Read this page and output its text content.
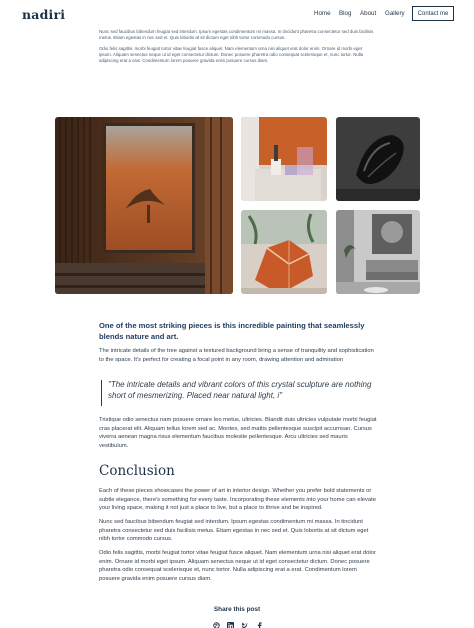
nadiri	Home Blog About Gallery	Contact me
Nunc sed faucibus bibendum feugiat sed interdum. Ipsum egestas condimentum mi massa. In tincidunt pharetra consectetur sed duis facilisis metus. Etiam egestas in nec sed et. Quis lobortis at sit dictum eget nibh tortor commodo cursus.
Odio felis sagittis, morbi feugiat tortor vitae feugiat fusce aliquet. Nam elementum urna nisi aliquet erat dolor enim. Ornare id morbi eget ipsum. Aliquam senectus neque ut id eget consectetur dictum. Donec posuere pharetra odio consequat scelerisque et, nunc tortor. Nulla adipiscing erat a erat. Condimentum lorem posuere gravida enim posuere cursus diam.
One of the most striking pieces is this incredible painting that seamlessly blends nature and art.
The intricate details of the tree against a textured background bring a sense of tranquility and sophistication to the space. It's perfect for creating a focal point in any room, drawing attention and admiration
"The intricate details and vibrant colors of this crystal sculpture are nothing short of mesmerizing. Placed near natural light, i"
Tristique odio senectus nam posuere ornare leo metus, ultricies. Blandit duis ultricies vulputate morbi feugiat cras placerat elit. Aliquam tellus lorem sed ac. Montes, sed mattis pellentesque suscipit accumsan. Cursus viverra aenean magna risus elementum faucibus molestie pellentesque. Arcu ultricies sed mauris vestibulum.
Conclusion
Each of these pieces showcases the power of art in interior design. Whether you prefer bold statements or subtle elegance, there's something for every taste. Incorporating these elements into your home can elevate your living space, making it not just a place to live, but a place to thrive and be inspired.
Nunc sed faucibus bibendum feugiat sed interdum. Ipsum egestas condimentum mi massa. In tincidunt pharetra consectetur sed duis facilisis metus. Etiam egestas in nec sed et. Quis lobortis at sit dictum eget nibh tortor commodo cursus.
Odio felis sagittis, morbi feugiat tortor vitae feugiat fusce aliquet. Nam elementum urna nisi aliquet erat dolor enim. Ornare id morbi eget ipsum. Aliquam senectus neque ut id eget consectetur dictum. Donec posuere pharetra odio consequat scelerisque et, nunc tortor. Nulla adipiscing erat a erat. Condimentum lorem posuere gravida enim posuere cursus diam.
Share this post
